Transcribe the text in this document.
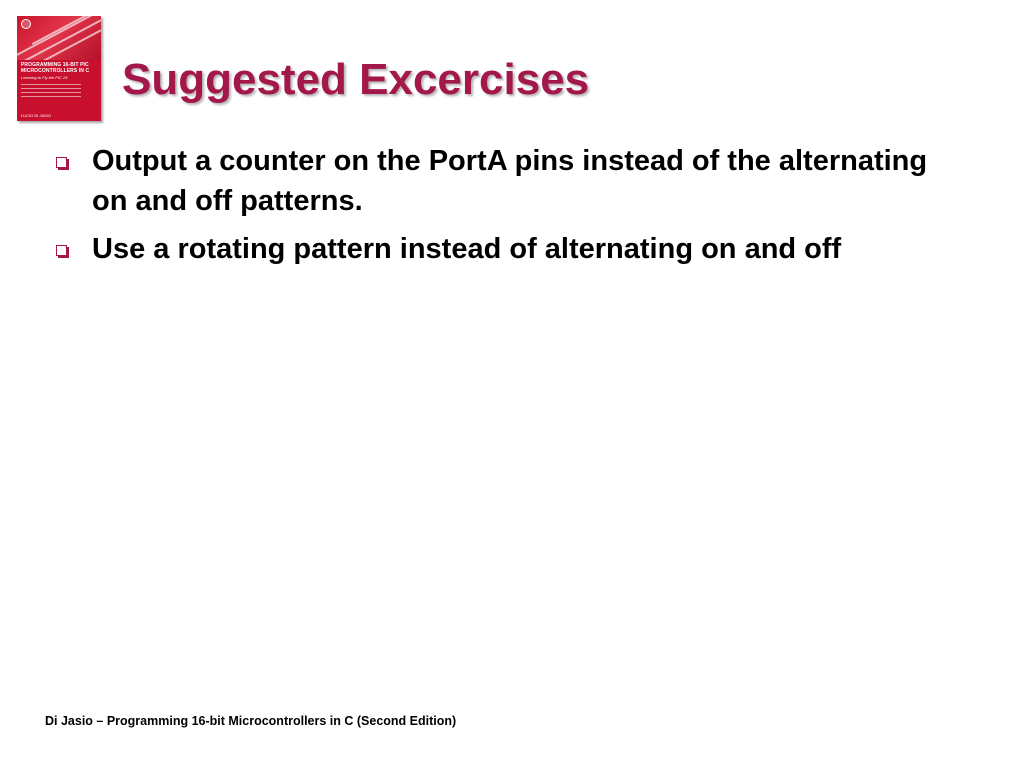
PROGRAMMING 16-BIT PIC MICROCONTROLLERS IN C
Learning to Fly the PIC 24
LUCIO DI JASIO
Suggested Excercises
Output a counter on the PortA pins instead of the alternating on and off patterns.
Use a rotating pattern instead of alternating on and off
Di Jasio – Programming 16-bit Microcontrollers in C (Second Edition)
